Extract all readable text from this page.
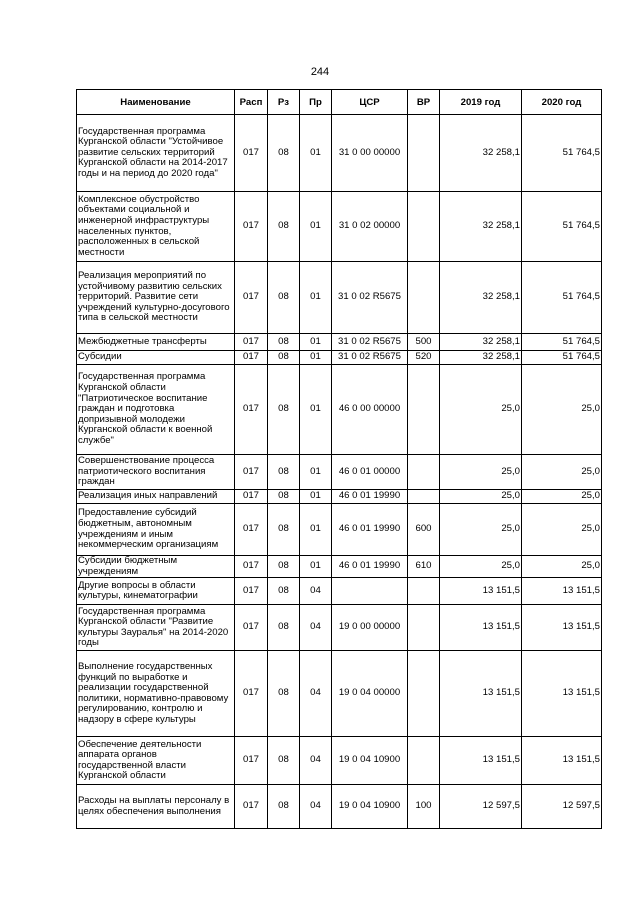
244
Наименование	Расп	Рз	Пр	ЦСР	ВР	2019 год	2020 год
Государственная программа Курганской области "Устойчивое развитие сельских территорий Курганской области на 2014-2017 годы и на период до 2020 года"	017	08	01	31 0 00 00000		32 258,1	51 764,5
Комплексное обустройство объектами социальной и инженерной инфраструктуры населенных пунктов, расположенных в сельской местности	017	08	01	31 0 02 00000		32 258,1	51 764,5
Реализация мероприятий по устойчивому развитию сельских территорий. Развитие сети учреждений культурно-досугового типа в сельской местности	017	08	01	31 0 02 R5675		32 258,1	51 764,5
Межбюджетные трансферты	017	08	01	31 0 02 R5675	500	32 258,1	51 764,5
Субсидии	017	08	01	31 0 02 R5675	520	32 258,1	51 764,5
Государственная программа Курганской области "Патриотическое воспитание граждан и подготовка допризывной молодежи Курганской области к военной службе"	017	08	01	46 0 00 00000		25,0	25,0
Совершенствование процесса патриотического воспитания граждан	017	08	01	46 0 01 00000		25,0	25,0
Реализация иных направлений	017	08	01	46 0 01 19990		25,0	25,0
Предоставление субсидий бюджетным, автономным учреждениям и иным некоммерческим организациям	017	08	01	46 0 01 19990	600	25,0	25,0
Субсидии бюджетным учреждениям	017	08	01	46 0 01 19990	610	25,0	25,0
Другие вопросы в области культуры, кинематографии	017	08	04			13 151,5	13 151,5
Государственная программа Курганской области "Развитие культуры Зауралья" на 2014-2020 годы	017	08	04	19 0 00 00000		13 151,5	13 151,5
Выполнение государственных функций по выработке и реализации государственной политики, нормативно-правовому регулированию, контролю и надзору в сфере культуры	017	08	04	19 0 04 00000		13 151,5	13 151,5
Обеспечение деятельности аппарата органов государственной власти Курганской области	017	08	04	19 0 04 10900		13 151,5	13 151,5
Расходы на выплаты персоналу в целях обеспечения выполнения	017	08	04	19 0 04 10900	100	12 597,5	12 597,5
